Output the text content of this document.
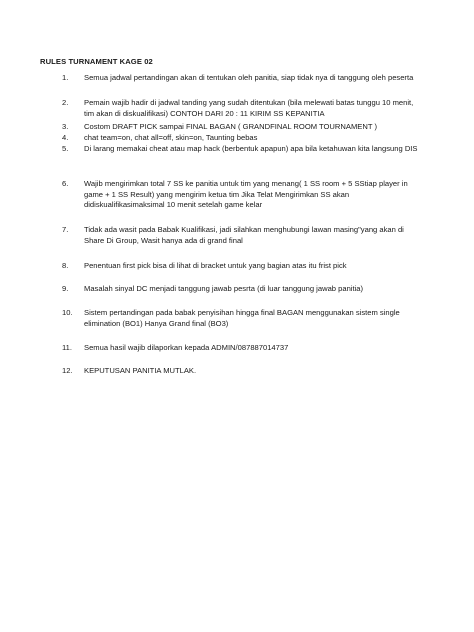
RULES TURNAMENT KAGE 02
1.	Semua jadwal pertandingan akan di tentukan oleh panitia, siap tidak nya di tanggung oleh peserta
2.	Pemain wajib hadir di jadwal tanding yang sudah ditentukan (bila melewati batas tunggu 10 menit, tim akan di diskualifikasi) CONTOH DARI 20 : 11 KIRIM SS KEPANITIA
3.	Costom DRAFT PICK sampai FINAL BAGAN ( GRANDFINAL ROOM TOURNAMENT )
4.	chat team=on, chat all=off, skin=on, Taunting bebas
5.	Di larang memakai cheat atau map hack (berbentuk apapun) apa bila ketahuwan kita langsung DIS
6.	Wajib mengirimkan total 7 SS ke panitia untuk tim yang menang( 1 SS room + 5 SStiap player in game + 1 SS Result) yang mengirim ketua tim Jika Telat Mengirimkan SS akan didiskualifikasimaksimal 10 menit setelah game kelar
7.	Tidak ada wasit pada Babak Kualifikasi, jadi silahkan menghubungi lawan masing"yang akan di Share Di Group, Wasit hanya ada di grand final
8.	Penentuan first pick bisa di lihat di bracket untuk yang bagian atas itu frist pick
9.	Masalah sinyal DC menjadi tanggung jawab pesrta (di luar tanggung jawab panitia)
10.	Sistem pertandingan pada babak penyisihan hingga final BAGAN menggunakan sistem single elimination (BO1) Hanya Grand final (BO3)
11.	Semua hasil wajib dilaporkan kepada ADMIN/087887014737
12.	KEPUTUSAN PANITIA MUTLAK.
